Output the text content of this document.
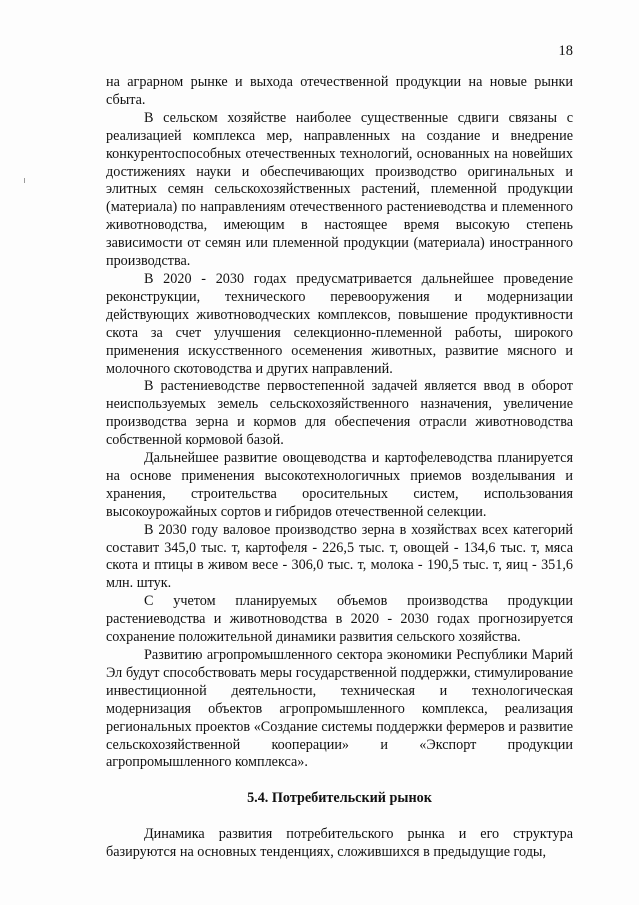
18

на аграрном рынке и выхода отечественной продукции на новые рынки сбыта.

В сельском хозяйстве наиболее существенные сдвиги связаны с реализацией комплекса мер, направленных на создание и внедрение конкурентоспособных отечественных технологий, основанных на новейших достижениях науки и обеспечивающих производство оригинальных и элитных семян сельскохозяйственных растений, племенной продукции (материала) по направлениям отечественного растениеводства и племенного животноводства, имеющим в настоящее время высокую степень зависимости от семян или племенной продукции (материала) иностранного производства.

В 2020 - 2030 годах предусматривается дальнейшее проведение реконструкции, технического перевооружения и модернизации действующих животноводческих комплексов, повышение продуктивности скота за счет улучшения селекционно-племенной работы, широкого применения искусственного осеменения животных, развитие мясного и молочного скотоводства и других направлений.

В растениеводстве первостепенной задачей является ввод в оборот неиспользуемых земель сельскохозяйственного назначения, увеличение производства зерна и кормов для обеспечения отрасли животноводства собственной кормовой базой.

Дальнейшее развитие овощеводства и картофелеводства планируется на основе применения высокотехнологичных приемов возделывания и хранения, строительства оросительных систем, использования высокоурожайных сортов и гибридов отечественной селекции.

В 2030 году валовое производство зерна в хозяйствах всех категорий составит 345,0 тыс. т, картофеля - 226,5 тыс. т, овощей - 134,6 тыс. т, мяса скота и птицы в живом весе - 306,0 тыс. т, молока - 190,5 тыс. т, яиц - 351,6 млн. штук.

С учетом планируемых объемов производства продукции растениеводства и животноводства в 2020 - 2030 годах прогнозируется сохранение положительной динамики развития сельского хозяйства.

Развитию агропромышленного сектора экономики Республики Марий Эл будут способствовать меры государственной поддержки, стимулирование инвестиционной деятельности, техническая и технологическая модернизация объектов агропромышленного комплекса, реализация региональных проектов «Создание системы поддержки фермеров и развитие сельскохозяйственной кооперации» и «Экспорт продукции агропромышленного комплекса».

5.4. Потребительский рынок

Динамика развития потребительского рынка и его структура базируются на основных тенденциях, сложившихся в предыдущие годы,
